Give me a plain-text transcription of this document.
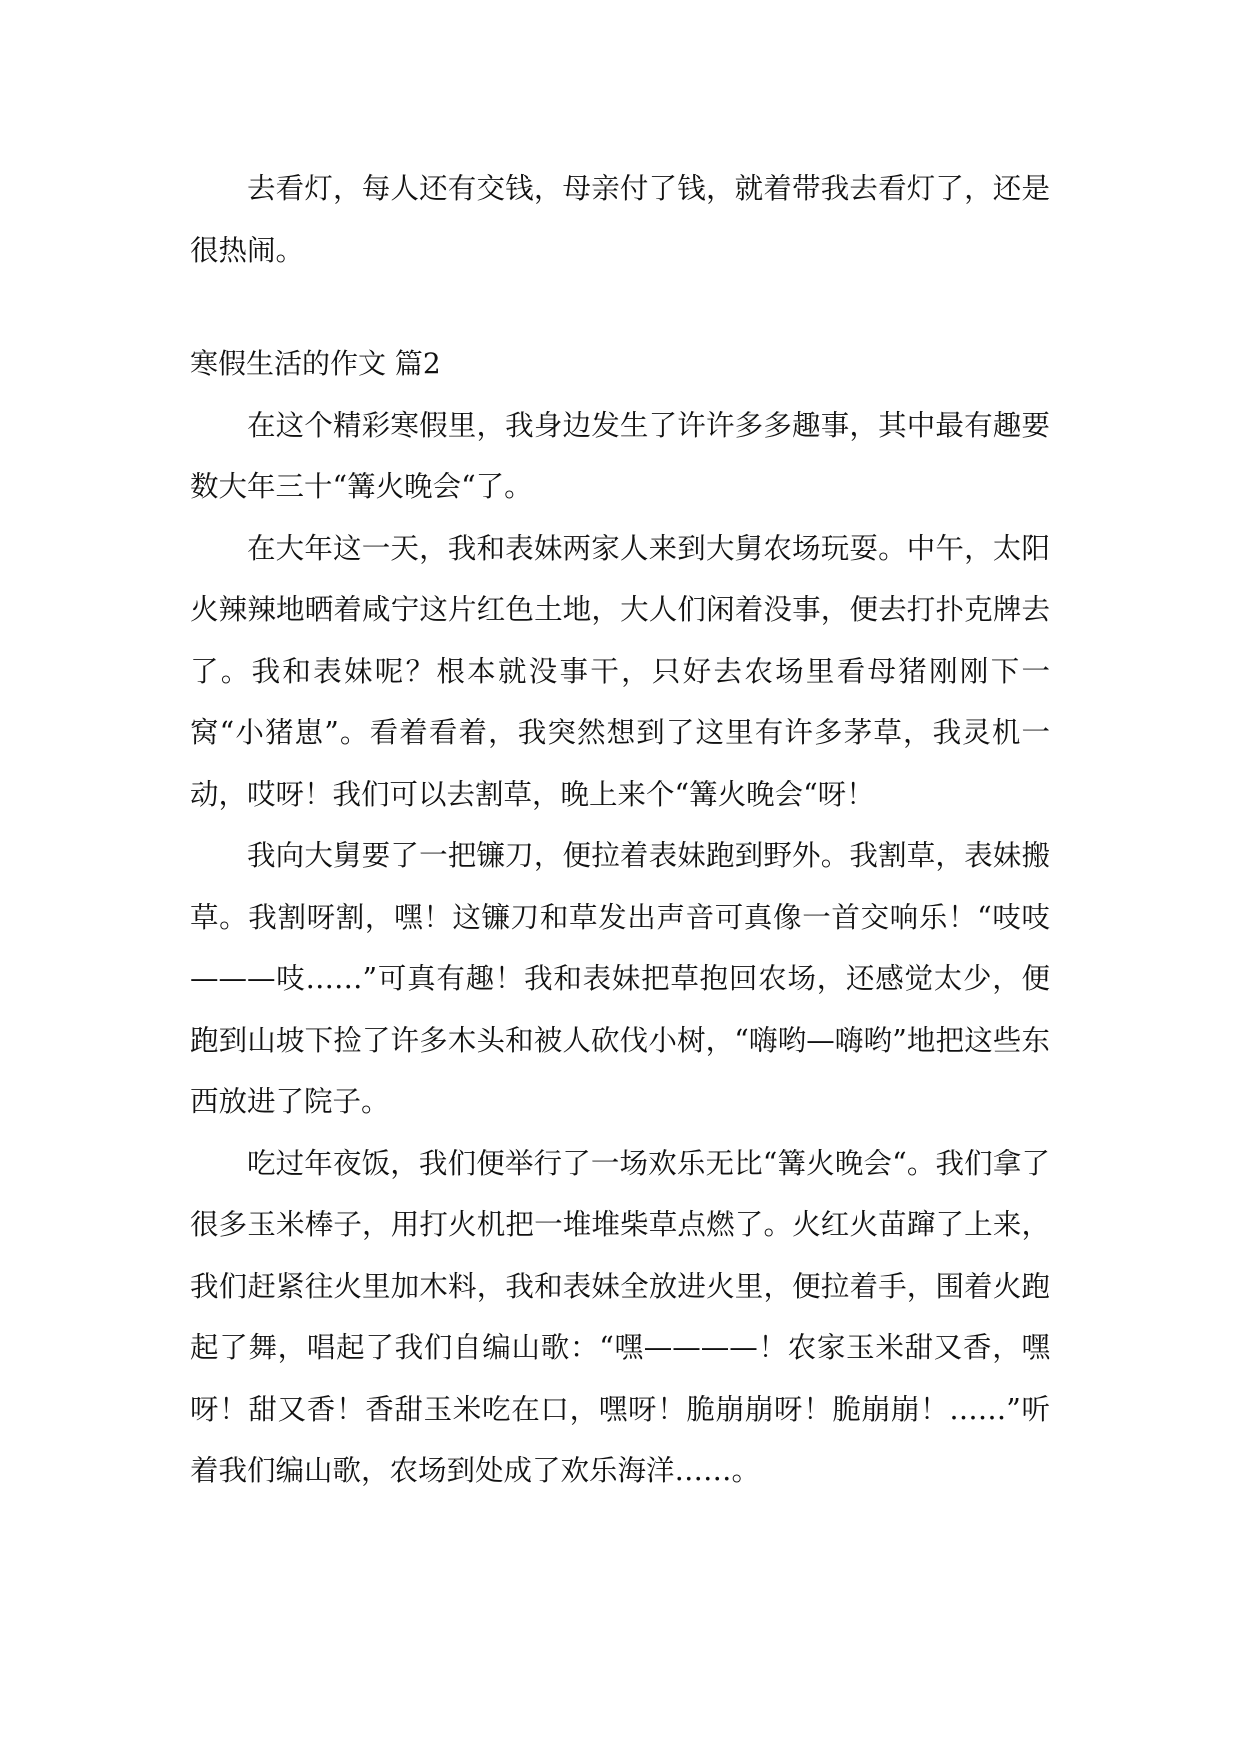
去看灯，每人还有交钱，母亲付了钱，就着带我去看灯了，还是很热闹。

寒假生活的作文 篇2

在这个精彩寒假里，我身边发生了许许多多趣事，其中最有趣要数大年三十“篝火晚会“了。

在大年这一天，我和表妹两家人来到大舅农场玩耍。中午，太阳火辣辣地晒着咸宁这片红色土地，大人们闲着没事，便去打扑克牌去了。我和表妹呢？根本就没事干，只好去农场里看母猪刚刚下一窝“小猪崽”。看着看着，我突然想到了这里有许多茅草，我灵机一动，哎呀！我们可以去割草，晚上来个“篝火晚会“呀！

我向大舅要了一把镰刀，便拉着表妹跑到野外。我割草，表妹搬草。我割呀割，嘿！这镰刀和草发出声音可真像一首交响乐！“吱吱———吱……”可真有趣！我和表妹把草抱回农场，还感觉太少，便跑到山坡下捡了许多木头和被人砍伐小树，“嗨哟—嗨哟”地把这些东西放进了院子。

吃过年夜饭，我们便举行了一场欢乐无比“篝火晚会“。我们拿了很多玉米棒子，用打火机把一堆堆柴草点燃了。火红火苗蹿了上来，我们赶紧往火里加木料，我和表妹全放进火里，便拉着手，围着火跑起了舞，唱起了我们自编山歌：“嘿————！农家玉米甜又香，嘿呀！甜又香！香甜玉米吃在口，嘿呀！脆崩崩呀！脆崩崩！……”听着我们编山歌，农场到处成了欢乐海洋……。
